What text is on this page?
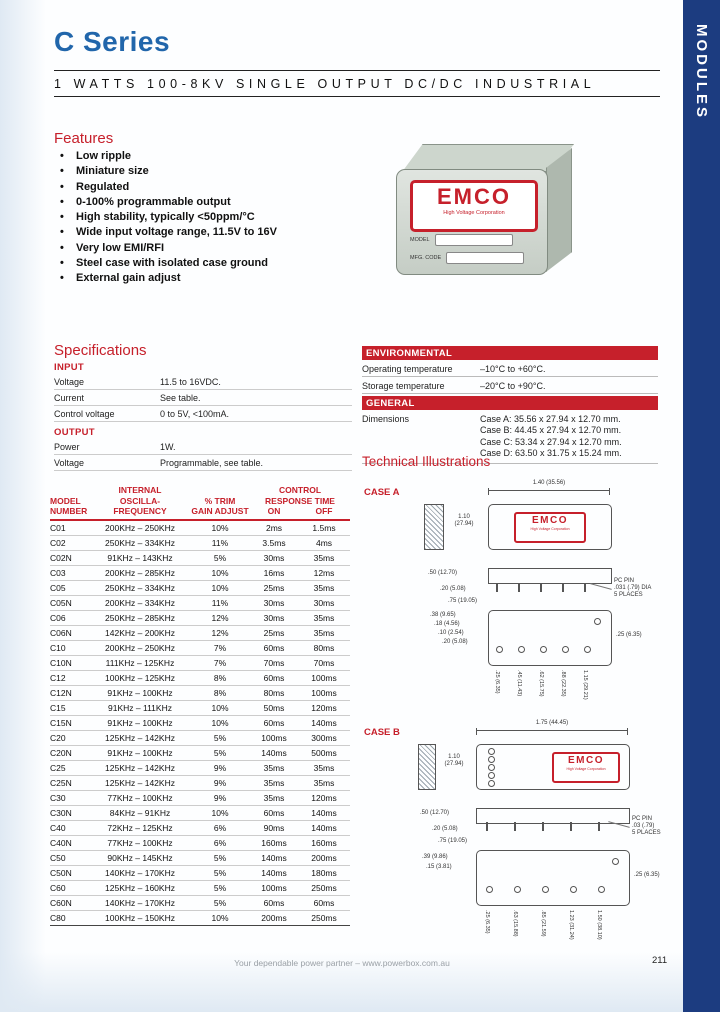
MODULES
C Series
1 WATTS 100-8KV SINGLE OUTPUT DC/DC INDUSTRIAL
Features
• Low ripple
• Miniature size
• Regulated
• 0-100% programmable output
• High stability, typically <50ppm/°C
• Wide input voltage range, 11.5V to 16V
• Very low EMI/RFI
• Steel case with isolated case ground
• External gain adjust
EMCO
High Voltage Corporation
MODEL
MFG. CODE
Specifications
INPUT
Voltage	11.5 to 16VDC.
Current	See table.
Control voltage	0 to 5V, <100mA.
OUTPUT
Power	1W.
Voltage	Programmable, see table.
ENVIRONMENTAL
Operating temperature	–10°C to +60°C.
Storage temperature	–20°C to +90°C.
GENERAL
Dimensions	Case A: 35.56 x 27.94 x 12.70 mm.
Case B: 44.45 x 27.94 x 12.70 mm.
Case C: 53.34 x 27.94 x 12.70 mm.
Case D: 63.50 x 31.75 x 15.24 mm.
Technical Illustrations
CASE A
CASE B
1.40 (35.56)
1.10 (27.94)	EMCO
High Voltage Corporation
.50 (12.70)
.20 (5.08)
PC PIN
.031 (.79) DIA
5 PLACES
.75 (19.05)
.38 (9.65)
.18 (4.56)
.10 (2.54)
.20 (5.08)
.25 (6.35)
.25 (6.35)	.45 (11.43)	.62 (15.75)	.88 (22.35)	1.15 (29.21)
1.75 (44.45)
1.10 (27.94)	EMCO
High Voltage Corporation
.50 (12.70)
.20 (5.08)
PC PIN
.03 (.79)
5 PLACES
.75 (19.05)
.39 (9.86)
.15 (3.81)
.25 (6.35)
.25 (6.35)	.63 (15.88)	.85 (21.59)	1.23 (31.24)	1.50 (38.10)
	INTERNAL		CONTROL	
MODEL	OSCILLA-	% TRIM	RESPONSE TIME	
NUMBER	FREQUENCY	GAIN ADJUST	ON	OFF
C01	200KHz – 250KHz	10%	2ms	1.5ms
C02	250KHz – 334KHz	11%	3.5ms	4ms
C02N	91KHz – 143KHz	5%	30ms	35ms
C03	200KHz – 285KHz	10%	16ms	12ms
C05	250KHz – 334KHz	10%	25ms	35ms
C05N	200KHz – 334KHz	11%	30ms	30ms
C06	250KHz – 285KHz	12%	30ms	35ms
C06N	142KHz – 200KHz	12%	25ms	35ms
C10	200KHz – 250KHz	7%	60ms	80ms
C10N	111KHz – 125KHz	7%	70ms	70ms
C12	100KHz – 125KHz	8%	60ms	100ms
C12N	91KHz – 100KHz	8%	80ms	100ms
C15	91KHz – 111KHz	10%	50ms	120ms
C15N	91KHz – 100KHz	10%	60ms	140ms
C20	125KHz – 142KHz	5%	100ms	300ms
C20N	91KHz – 100KHz	5%	140ms	500ms
C25	125KHz – 142KHz	9%	35ms	35ms
C25N	125KHz – 142KHz	9%	35ms	35ms
C30	77KHz – 100KHz	9%	35ms	120ms
C30N	84KHz – 91KHz	10%	60ms	140ms
C40	72KHz – 125KHz	6%	90ms	140ms
C40N	77KHz – 100KHz	6%	160ms	160ms
C50	90KHz – 145KHz	5%	140ms	200ms
C50N	140KHz – 170KHz	5%	140ms	180ms
C60	125KHz – 160KHz	5%	100ms	250ms
C60N	140KHz – 170KHz	5%	60ms	60ms
C80	100KHz – 150KHz	10%	200ms	250ms
Your dependable power partner – www.powerbox.com.au	211
